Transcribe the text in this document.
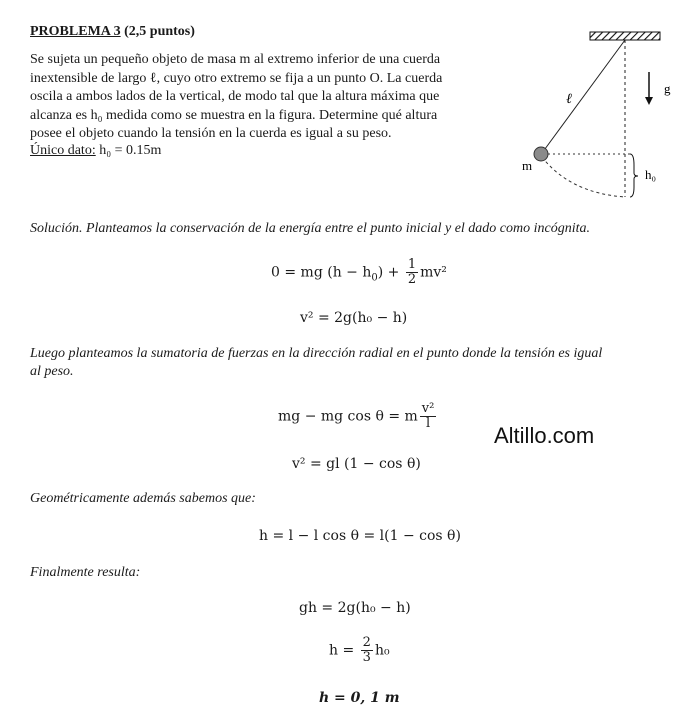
PROBLEMA 3 (2,5 puntos)
Se sujeta un pequeño objeto de masa m al extremo inferior de una cuerda
inextensible de largo ℓ, cuyo otro extremo se fija a un punto O. La cuerda
oscila a ambos lados de la vertical, de modo tal que la altura máxima que
alcanza es h₀ medida como se muestra en la figura. Determine qué altura
posee el objeto cuando la tensión en la cuerda es igual a su peso.
Único dato: h₀ = 0.15m
ℓ
g
m
h₀
Solución. Planteamos la conservación de la energía entre el punto inicial y el dado como incógnita.
0 = mg $(h - h_0) + \frac{1}{2} mv^2$
v² = 2g(h₀ − h)
Luego planteamos la sumatoria de fuerzas en la dirección radial en el punto donde la tensión es igual
al peso.
mg − mg cos θ = m $\frac{\text{v²}}{l}$
v² = gl (1 − cos θ)
Geométricamente además sabemos que:
h = l − l cos θ = l(1 − cos θ)
Finalmente resulta:
gh = 2g(h₀ − h)
$h = \frac{2}{3} h_0$
h = 0, 1 m
Altillo.com
